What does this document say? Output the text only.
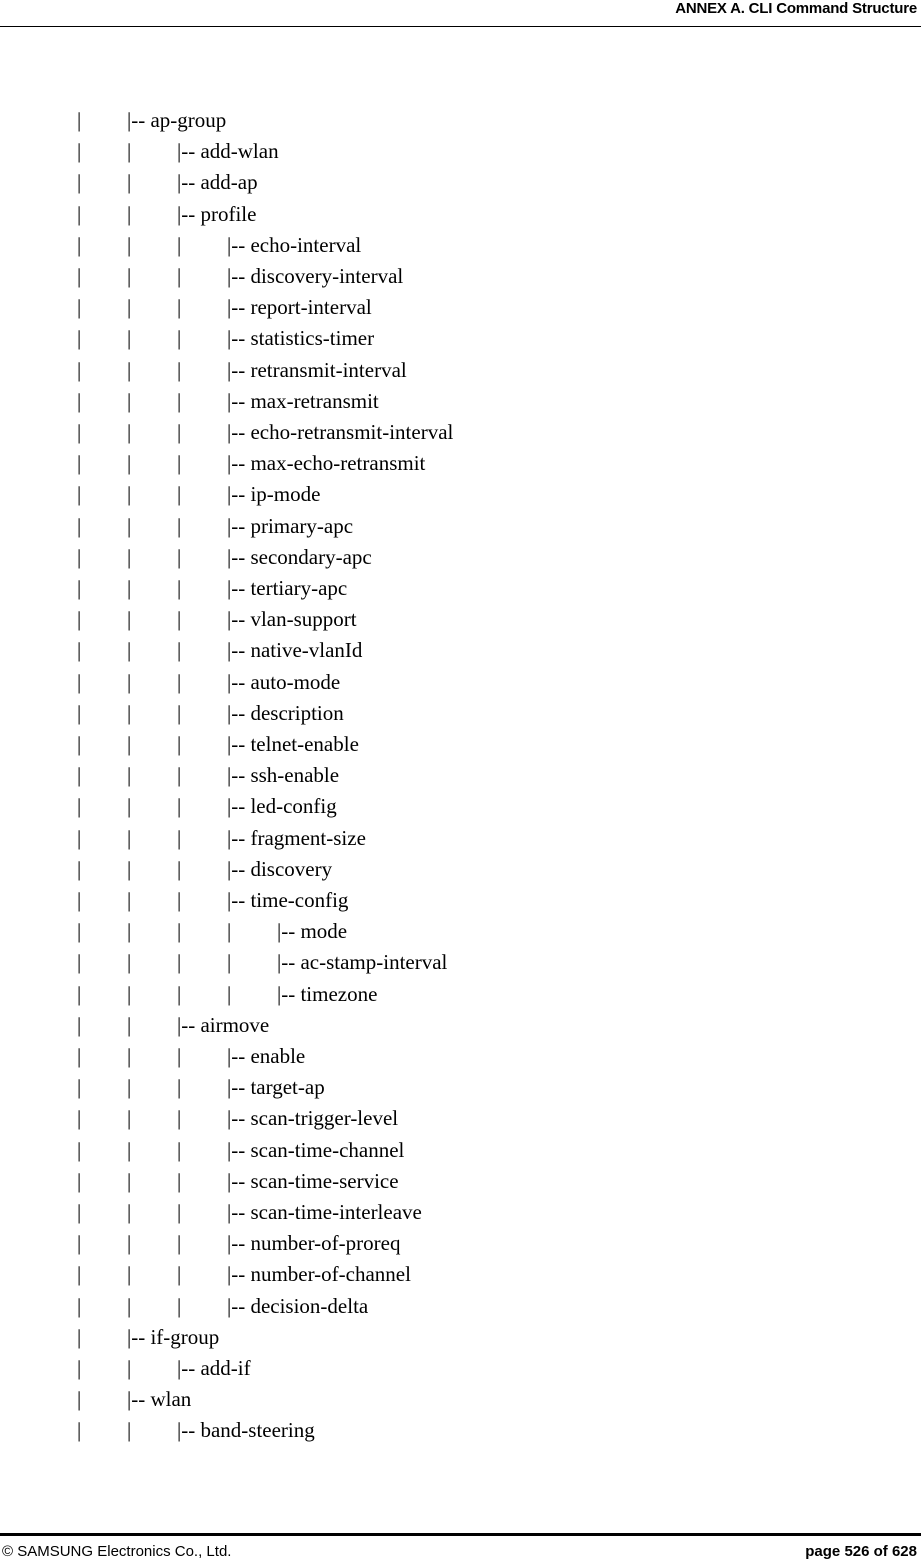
ANNEX A. CLI Command Structure
| |-- ap-group
| | |-- add-wlan
| | |-- add-ap
| | |-- profile
| | | |-- echo-interval
| | | |-- discovery-interval
| | | |-- report-interval
| | | |-- statistics-timer
| | | |-- retransmit-interval
| | | |-- max-retransmit
| | | |-- echo-retransmit-interval
| | | |-- max-echo-retransmit
| | | |-- ip-mode
| | | |-- primary-apc
| | | |-- secondary-apc
| | | |-- tertiary-apc
| | | |-- vlan-support
| | | |-- native-vlanId
| | | |-- auto-mode
| | | |-- description
| | | |-- telnet-enable
| | | |-- ssh-enable
| | | |-- led-config
| | | |-- fragment-size
| | | |-- discovery
| | | |-- time-config
| | | | |-- mode
| | | | |-- ac-stamp-interval
| | | | |-- timezone
| | |-- airmove
| | | |-- enable
| | | |-- target-ap
| | | |-- scan-trigger-level
| | | |-- scan-time-channel
| | | |-- scan-time-service
| | | |-- scan-time-interleave
| | | |-- number-of-proreq
| | | |-- number-of-channel
| | | |-- decision-delta
| |-- if-group
| | |-- add-if
| |-- wlan
| | |-- band-steering
© SAMSUNG Electronics Co., Ltd.	page 526 of 628
